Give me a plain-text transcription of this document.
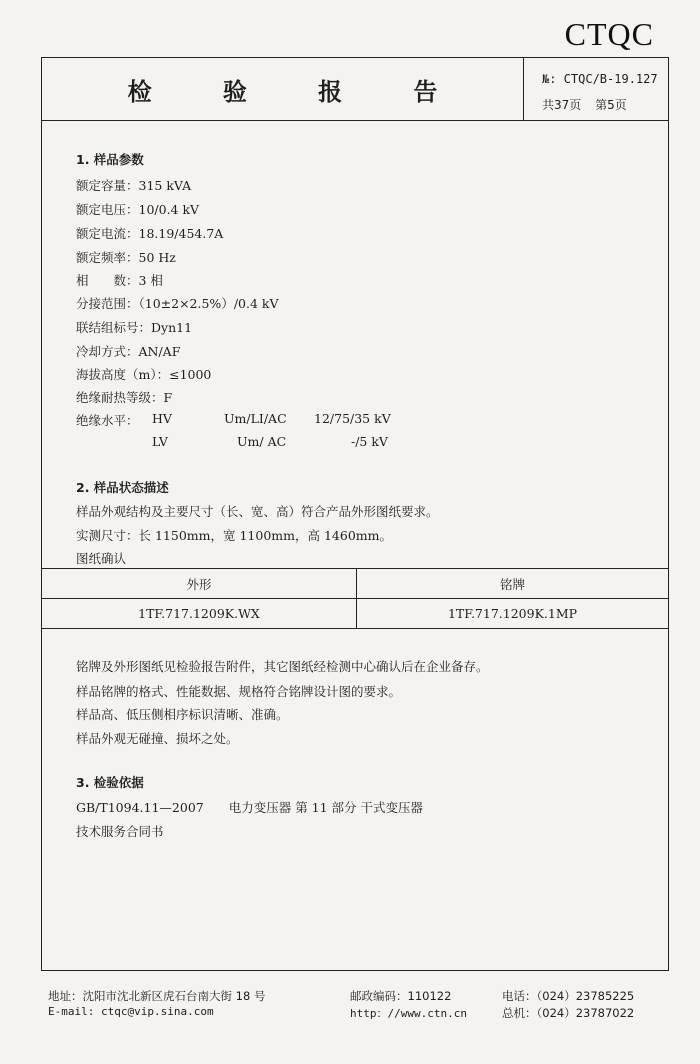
CTQC
检	验	报	告	№: CTQC/B-19.127
共37页 第5页
1. 样品参数
额定容量：315 kVA
额定电压：10/0.4 kV
额定电流：18.19/454.7A
额定频率：50 Hz
相　　数：3 相
分接范围：（10±2×2.5%）/0.4 kV
联结组标号：Dyn11
冷却方式：AN/AF
海拔高度（m）：≤1000
绝缘耐热等级：F
绝缘水平： HV	Um/LI/AC 12/75/35 kV
LV	Um/ AC	-/5 kV
2. 样品状态描述
样品外观结构及主要尺寸（长、宽、高）符合产品外形图纸要求。
实测尺寸：长 1150mm，宽 1100mm，高 1460mm。
图纸确认
外形	铭牌
1TF.717.1209K.WX	1TF.717.1209K.1MP
铭牌及外形图纸见检验报告附件，其它图纸经检测中心确认后在企业备存。
样品铭牌的格式、性能数据、规格符合铭牌设计图的要求。
样品高、低压侧相序标识清晰、准确。
样品外观无碰撞、损坏之处。
3. 检验依据
GB/T1094.11—2007　　电力变压器 第 11 部分 干式变压器
技术服务合同书
地址：沈阳市沈北新区虎石台南大街 18 号
E-mail: ctqc@vip.sina.com
邮政编码：110122
http：//www.ctn.cn
电话：（024）23785225
总机：（024）23787022
